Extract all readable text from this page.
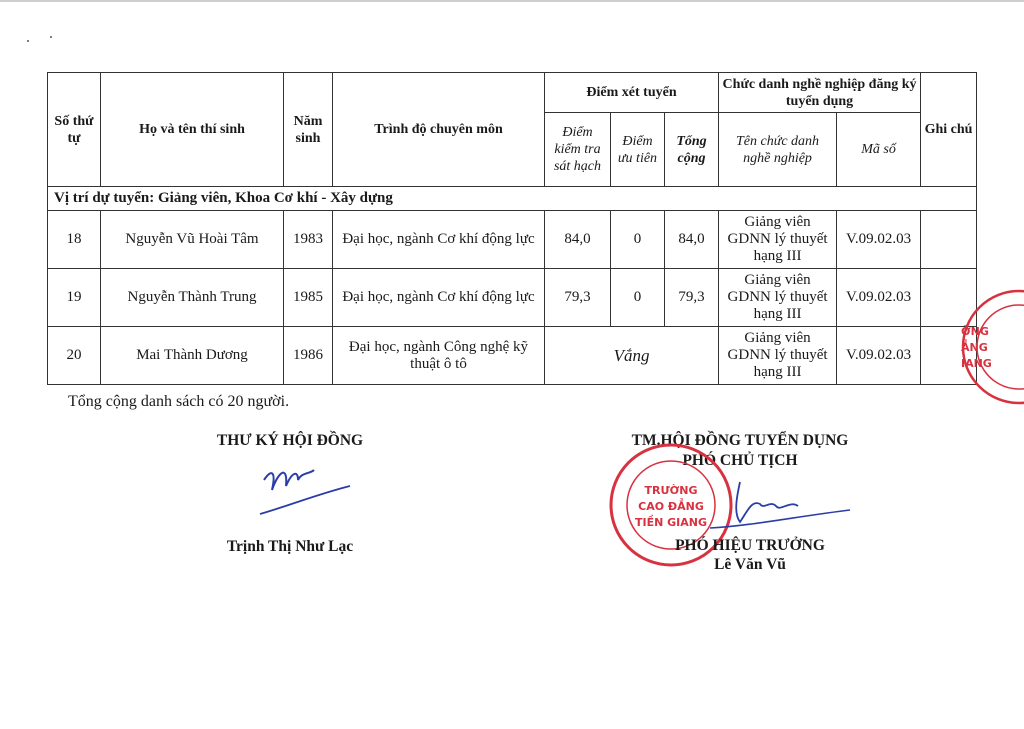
Số thứ tự	Họ và tên thí sinh	Năm sinh	Trình độ chuyên môn	Điểm xét tuyển			Chức danh nghề nghiệp đăng ký tuyển dụng		Ghi chú
				Điểm kiểm tra sát hạch	Điểm ưu tiên	Tổng cộng	Tên chức danh nghề nghiệp	Mã số	
Vị trí dự tuyển: Giảng viên, Khoa Cơ khí - Xây dựng									
18	Nguyễn Vũ Hoài Tâm	1983	Đại học, ngành Cơ khí động lực	84,0	0	84,0	Giảng viên GDNN lý thuyết hạng III	V.09.02.03	
19	Nguyễn Thành Trung	1985	Đại học, ngành Cơ khí động lực	79,3	0	79,3	Giảng viên GDNN lý thuyết hạng III	V.09.02.03	
20	Mai Thành Dương	1986	Đại học, ngành Công nghệ kỹ thuật ô tô	Vắng			Giảng viên GDNN lý thuyết hạng III	V.09.02.03	
ỜNG
ẲNG
IANG
Tổng cộng danh sách có 20 người.
THƯ KÝ HỘI ĐỒNG
Trịnh Thị Như Lạc
TM.HỘI ĐỒNG TUYỂN DỤNG
PHÓ CHỦ TỊCH
TRƯỜNG
CAO ĐẲNG
TIỀN GIANG
PHÓ HIỆU TRƯỞNG
Lê Văn Vũ
